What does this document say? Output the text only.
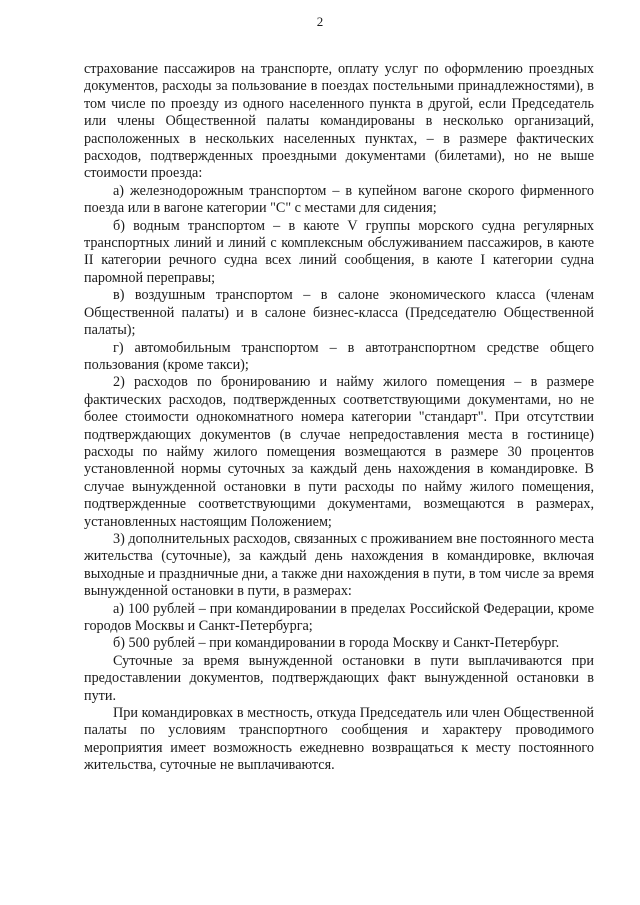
2

страхование пассажиров на транспорте, оплату услуг по оформлению проездных документов, расходы за пользование в поездах постельными принадлежностями), в том числе по проезду из одного населенного пункта в другой, если Председатель или члены Общественной палаты командированы в несколько организаций, расположенных в нескольких населенных пунктах, – в размере фактических расходов, подтвержденных проездными документами (билетами), но не выше стоимости проезда:

а) железнодорожным транспортом – в купейном вагоне скорого фирменного поезда или в вагоне категории "С" с местами для сидения;

б) водным транспортом – в каюте V группы морского судна регулярных транспортных линий и линий с комплексным обслуживанием пассажиров, в каюте II категории речного судна всех линий сообщения, в каюте I категории судна паромной переправы;

в) воздушным транспортом – в салоне экономического класса (членам Общественной палаты) и в салоне бизнес-класса (Председателю Общественной палаты);

г) автомобильным транспортом – в автотранспортном средстве общего пользования (кроме такси);

2) расходов по бронированию и найму жилого помещения – в размере фактических расходов, подтвержденных соответствующими документами, но не более стоимости однокомнатного номера категории "стандарт". При отсутствии подтверждающих документов (в случае непредоставления места в гостинице) расходы по найму жилого помещения возмещаются в размере 30 процентов установленной нормы суточных за каждый день нахождения в командировке. В случае вынужденной остановки в пути расходы по найму жилого помещения, подтвержденные соответствующими документами, возмещаются в размерах, установленных настоящим Положением;

3) дополнительных расходов, связанных с проживанием вне постоянного места жительства (суточные), за каждый день нахождения в командировке, включая выходные и праздничные дни, а также дни нахождения в пути, в том числе за время вынужденной остановки в пути, в размерах:

а) 100 рублей – при командировании в пределах Российской Федерации, кроме городов Москвы и Санкт-Петербурга;

б) 500 рублей – при командировании в города Москву и Санкт-Петербург.

Суточные за время вынужденной остановки в пути выплачиваются при предоставлении документов, подтверждающих факт вынужденной остановки в пути.

При командировках в местность, откуда Председатель или член Общественной палаты по условиям транспортного сообщения и характеру проводимого мероприятия имеет возможность ежедневно возвращаться к месту постоянного жительства, суточные не выплачиваются.
